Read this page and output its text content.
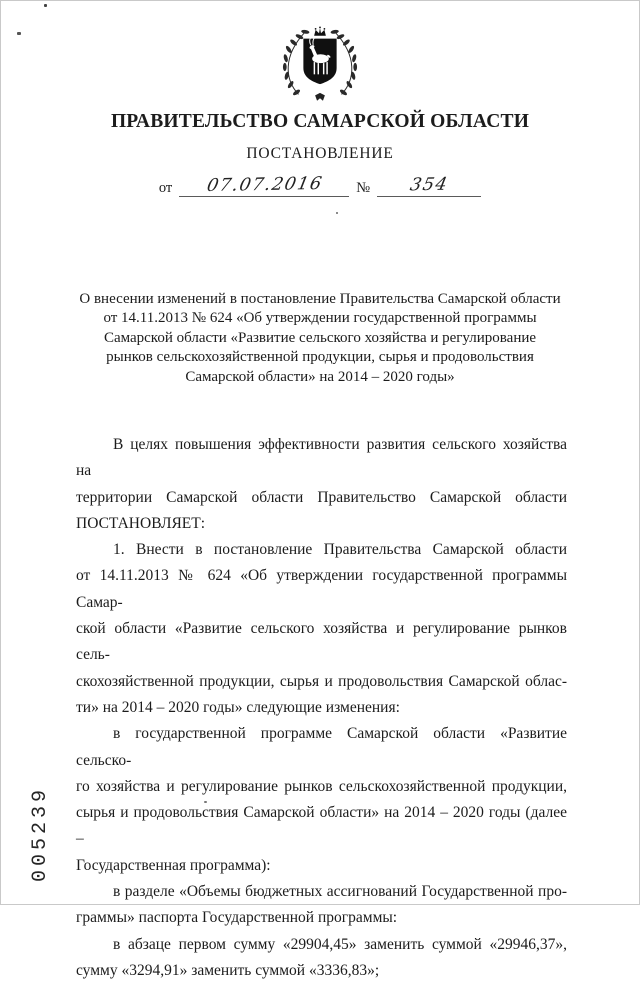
ПРАВИТЕЛЬСТВО САМАРСКОЙ ОБЛАСТИ
ПОСТАНОВЛЕНИЕ
от	07.07.2016	№	354
О внесении изменений в постановление Правительства Самарской области
от 14.11.2013 № 624 «Об утверждении государственной программы
Самарской области «Развитие сельского хозяйства и регулирование
рынков сельскохозяйственной продукции, сырья и продовольствия
Самарской области» на 2014 – 2020 годы»
В целях повышения эффективности развития сельского хозяйства на
территории Самарской области Правительство Самарской области
ПОСТАНОВЛЯЕТ:
1. Внести в постановление Правительства Самарской области
от 14.11.2013 № 624 «Об утверждении государственной программы Самар-
ской области «Развитие сельского хозяйства и регулирование рынков сель-
скохозяйственной продукции, сырья и продовольствия Самарской облас-
ти» на 2014 – 2020 годы» следующие изменения:
в государственной программе Самарской области «Развитие сельско-
го хозяйства и регулирование рынков сельскохозяйственной продукции,
сырья и продовольствия Самарской области» на 2014 – 2020 годы (далее –
Государственная программа):
в разделе «Объемы бюджетных ассигнований Государственной про-
граммы» паспорта Государственной программы:
в абзаце первом сумму «29904,45» заменить суммой «29946,37»,
сумму «3294,91» заменить суммой «3336,83»;
005239
